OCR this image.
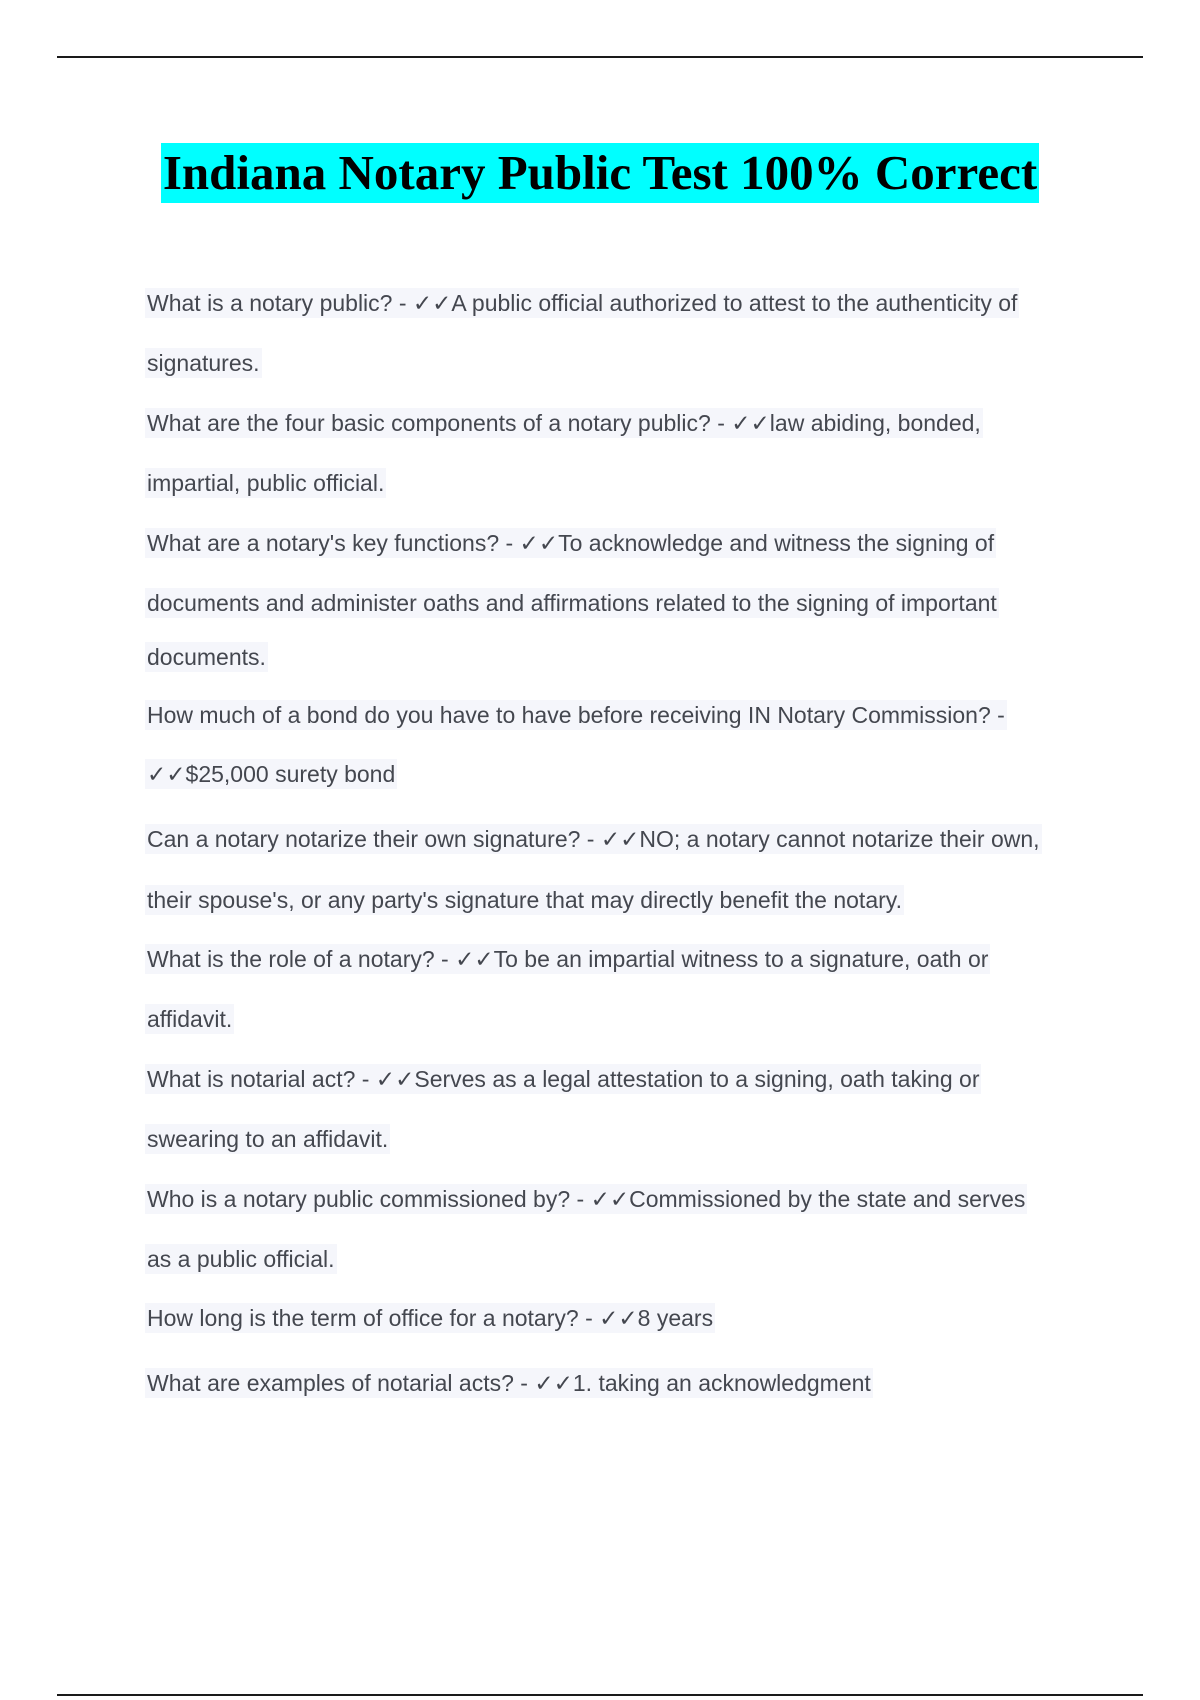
Indiana Notary Public Test 100% Correct
What is a notary public? - ✓✓A public official authorized to attest to the authenticity of
signatures.
What are the four basic components of a notary public? - ✓✓law abiding, bonded,
impartial, public official.
What are a notary's key functions? - ✓✓To acknowledge and witness the signing of
documents and administer oaths and affirmations related to the signing of important
documents.
How much of a bond do you have to have before receiving IN Notary Commission? -
✓✓$25,000 surety bond
Can a notary notarize their own signature? - ✓✓NO; a notary cannot notarize their own,
their spouse's, or any party's signature that may directly benefit the notary.
What is the role of a notary? - ✓✓To be an impartial witness to a signature, oath or
affidavit.
What is notarial act? - ✓✓Serves as a legal attestation to a signing, oath taking or
swearing to an affidavit.
Who is a notary public commissioned by? - ✓✓Commissioned by the state and serves
as a public official.
How long is the term of office for a notary? - ✓✓8 years
What are examples of notarial acts? - ✓✓1. taking an acknowledgment
